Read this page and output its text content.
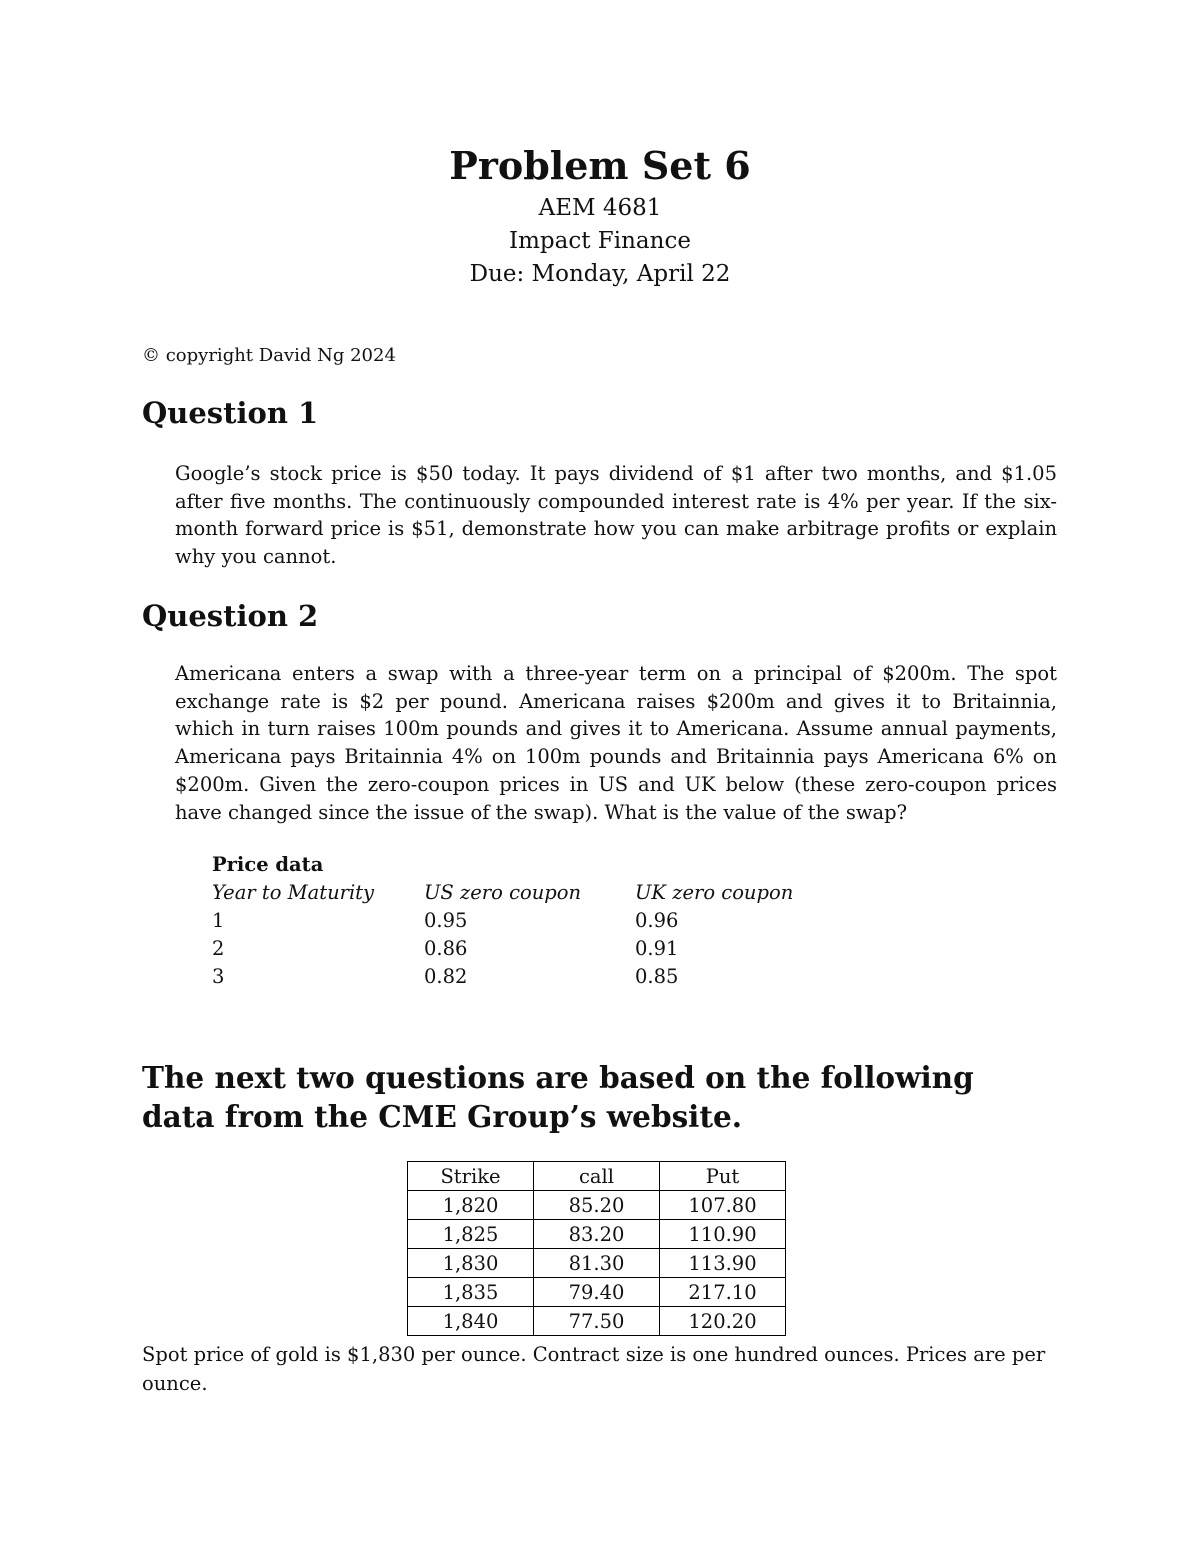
Problem Set 6
AEM 4681
Impact Finance
Due: Monday, April 22
© copyright David Ng 2024
Question 1

Google’s stock price is $50 today. It pays dividend of $1 after two months, and $1.05 after five months. The continuously compounded interest rate is 4% per year. If the six-month forward price is $51, demonstrate how you can make arbitrage profits or explain why you cannot.

Question 2

Americana enters a swap with a three-year term on a principal of $200m. The spot exchange rate is $2 per pound. Americana raises $200m and gives it to Britainnia, which in turn raises 100m pounds and gives it to Americana. Assume annual payments, Americana pays Britainnia 4% on 100m pounds and Britainnia pays Americana 6% on $200m. Given the zero-coupon prices in US and UK below (these zero-coupon prices have changed since the issue of the swap). What is the value of the swap?

Price data
Year to Maturity	US zero coupon	UK zero coupon
1	0.95	0.96
2	0.86	0.91
3	0.82	0.85
The next two questions are based on the following data from the CME Group’s website.
Strike	call	Put
1,820	85.20	107.80
1,825	83.20	110.90
1,830	81.30	113.90
1,835	79.40	217.10
1,840	77.50	120.20

Spot price of gold is $1,830 per ounce. Contract size is one hundred ounces. Prices are per ounce.
